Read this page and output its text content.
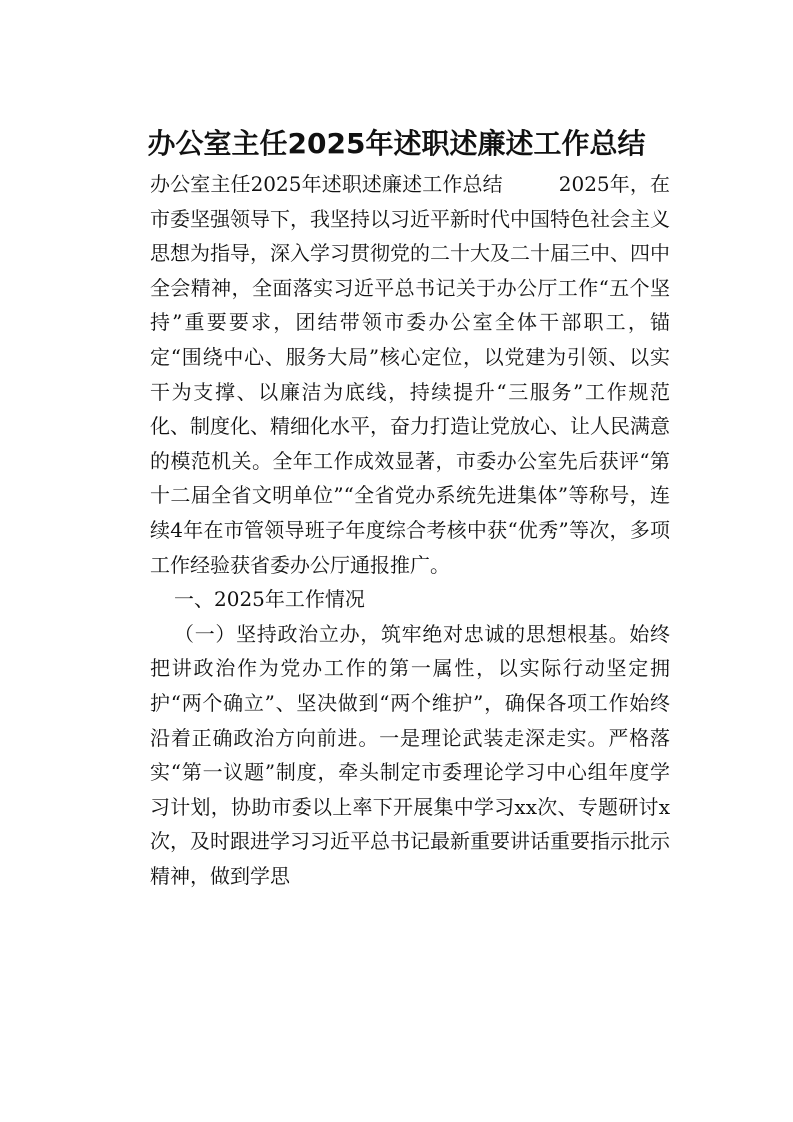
办公室主任2025年述职述廉述工作总结

办公室主任2025年述职述廉述工作总结	2025年，在市委坚强领导下，我坚持以习近平新时代中国特色社会主义思想为指导，深入学习贯彻党的二十大及二十届三中、四中全会精神，全面落实习近平总书记关于办公厅工作“五个坚持”重要要求，团结带领市委办公室全体干部职工，锚定“围绕中心、服务大局”核心定位，以党建为引领、以实干为支撑、以廉洁为底线，持续提升“三服务”工作规范化、制度化、精细化水平，奋力打造让党放心、让人民满意的模范机关。全年工作成效显著，市委办公室先后获评“第十二届全省文明单位”“全省党办系统先进集体”等称号，连续4年在市管领导班子年度综合考核中获“优秀”等次，多项工作经验获省委办公厅通报推广。

一、2025年工作情况

（一）坚持政治立办，筑牢绝对忠诚的思想根基。始终把讲政治作为党办工作的第一属性，以实际行动坚定拥护“两个确立”、坚决做到“两个维护”，确保各项工作始终沿着正确政治方向前进。一是理论武装走深走实。严格落实“第一议题”制度，牵头制定市委理论学习中心组年度学习计划，协助市委以上率下开展集中学习xx次、专题研讨x次，及时跟进学习习近平总书记最新重要讲话重要指示批示精神，做到学思
